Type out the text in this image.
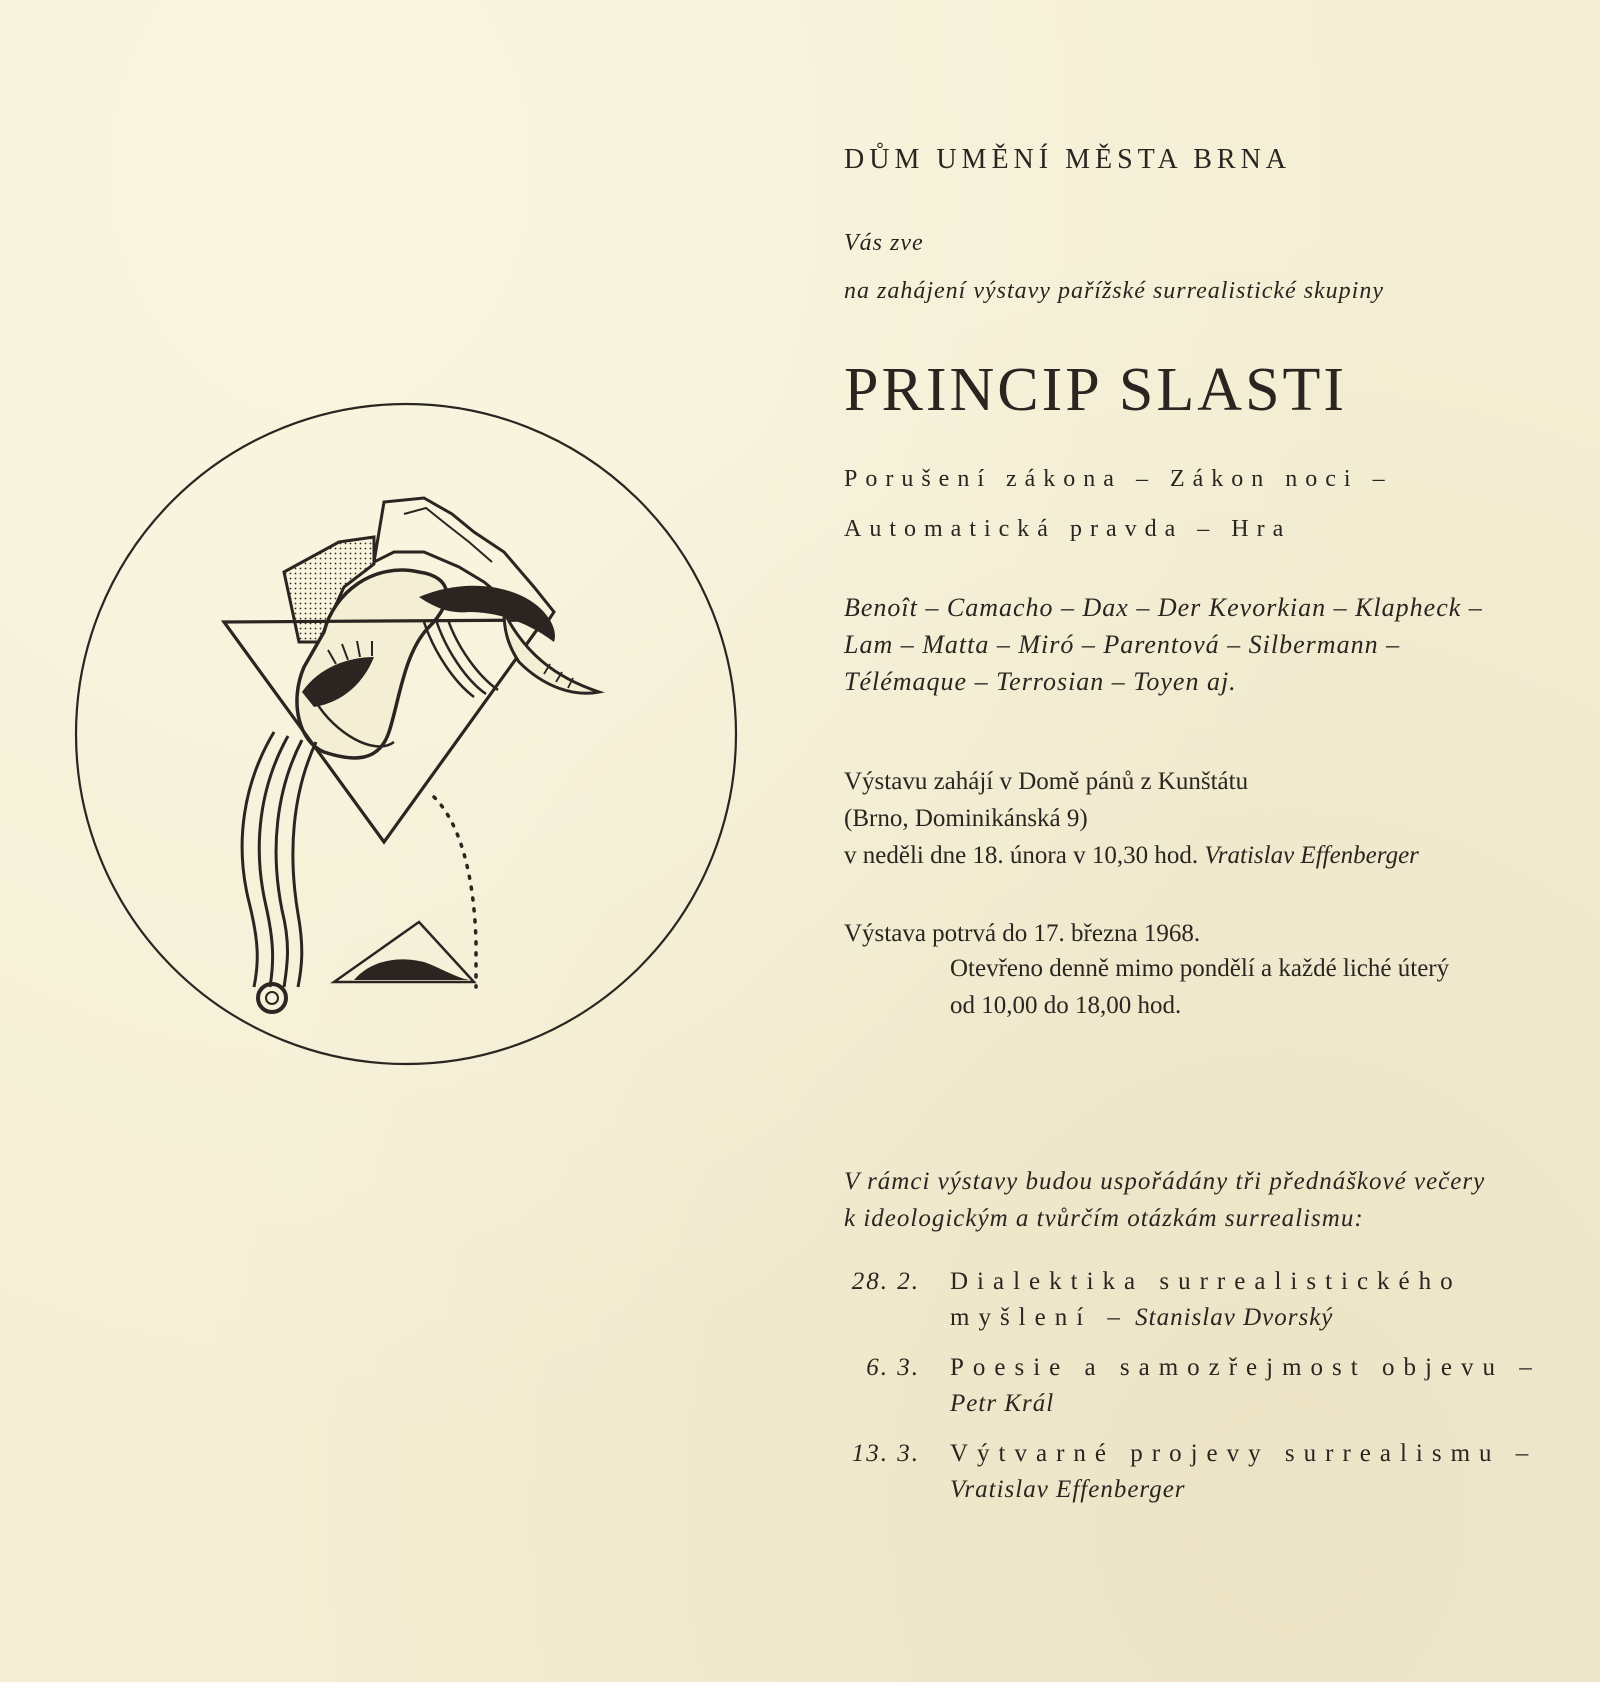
DŮM UMĚNÍ MĚSTA BRNA
Vás zve
na zahájení výstavy pařížské surrealistické skupiny
PRINCIP SLASTI
Porušení zákona – Zákon noci –
Automatická pravda – Hra
Benoît – Camacho – Dax – Der Kevorkian – Klapheck –
Lam – Matta – Miró – Parentová – Silbermann –
Télémaque – Terrosian – Toyen aj.
Výstavu zahájí v Domě pánů z Kunštátu
(Brno, Dominikánská 9)
v neděli dne 18. února v 10,30 hod. Vratislav Effenberger
Výstava potrvá do 17. března 1968.
Otevřeno denně mimo pondělí a každé liché úterý
od 10,00 do 18,00 hod.
V rámci výstavy budou uspořádány tři přednáškové večery
k ideologickým a tvůrčím otázkám surrealismu:
28. 2. Dialektika surrealistického
myšlení – Stanislav Dvorský
6. 3. Poesie a samozřejmost objevu –
Petr Král
13. 3. Výtvarné projevy surrealismu –
Vratislav Effenberger
